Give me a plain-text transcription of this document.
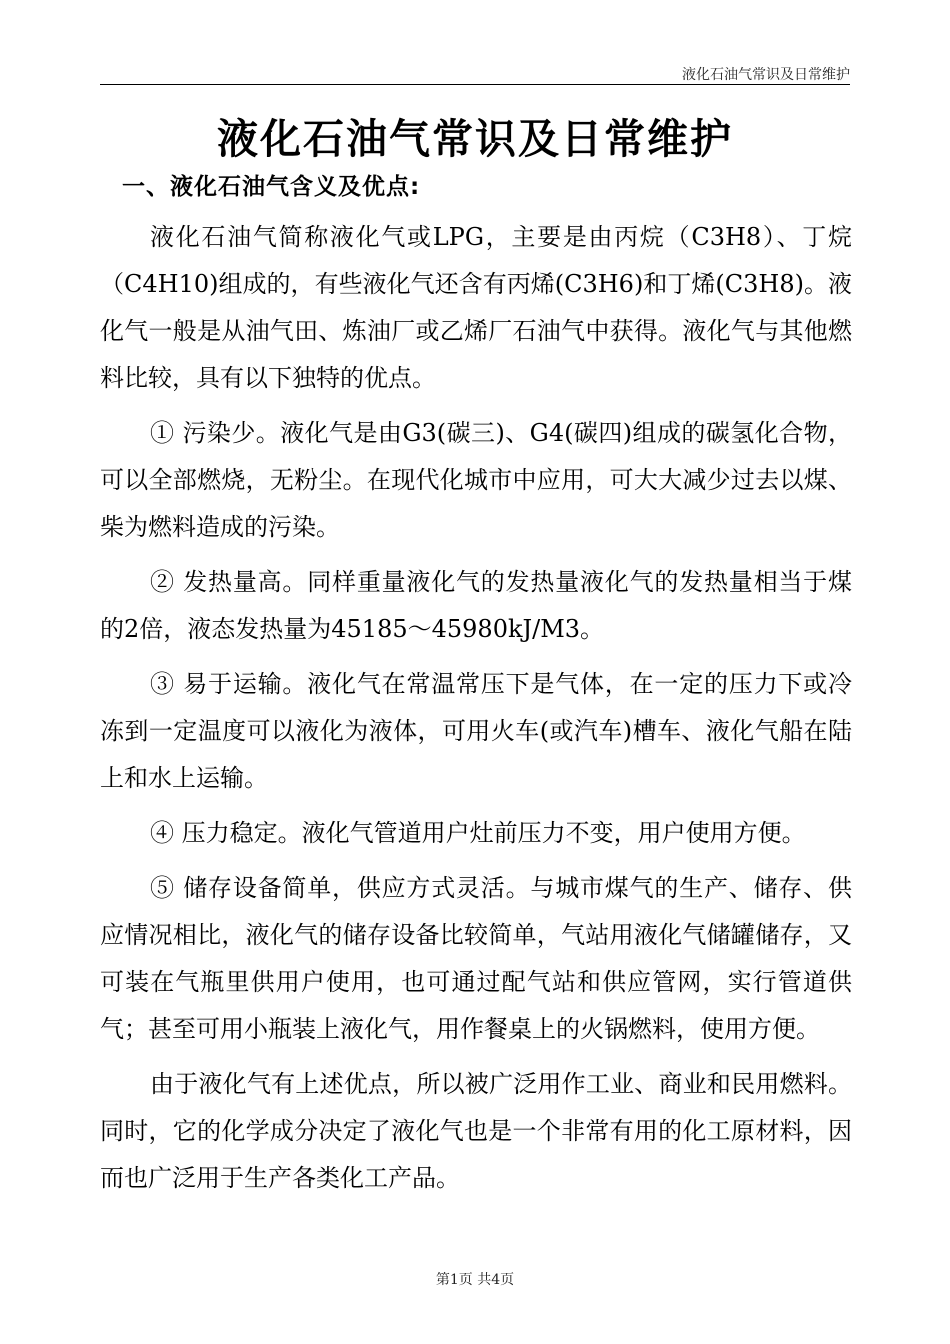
液化石油气常识及日常维护
液化石油气常识及日常维护
一、液化石油气含义及优点:

液化石油气简称液化气或LPG，主要是由丙烷（C3H8）、丁烷（C4H10)组成的，有些液化气还含有丙烯(C3H6)和丁烯(C3H8)。液化气一般是从油气田、炼油厂或乙烯厂石油气中获得。液化气与其他燃料比较，具有以下独特的优点。

① 污染少。液化气是由G3(碳三)、G4(碳四)组成的碳氢化合物，可以全部燃烧，无粉尘。在现代化城市中应用，可大大减少过去以煤、柴为燃料造成的污染。

② 发热量高。同样重量液化气的发热量液化气的发热量相当于煤的2倍，液态发热量为45185～45980kJ/M3。

③ 易于运输。液化气在常温常压下是气体，在一定的压力下或冷冻到一定温度可以液化为液体，可用火车(或汽车)槽车、液化气船在陆上和水上运输。

④ 压力稳定。液化气管道用户灶前压力不变，用户使用方便。

⑤ 储存设备简单，供应方式灵活。与城市煤气的生产、储存、供应情况相比，液化气的储存设备比较简单，气站用液化气储罐储存，又可装在气瓶里供用户使用，也可通过配气站和供应管网，实行管道供气；甚至可用小瓶装上液化气，用作餐桌上的火锅燃料，使用方便。

由于液化气有上述优点，所以被广泛用作工业、商业和民用燃料。同时，它的化学成分决定了液化气也是一个非常有用的化工原材料，因而也广泛用于生产各类化工产品。

第1页 共4页
